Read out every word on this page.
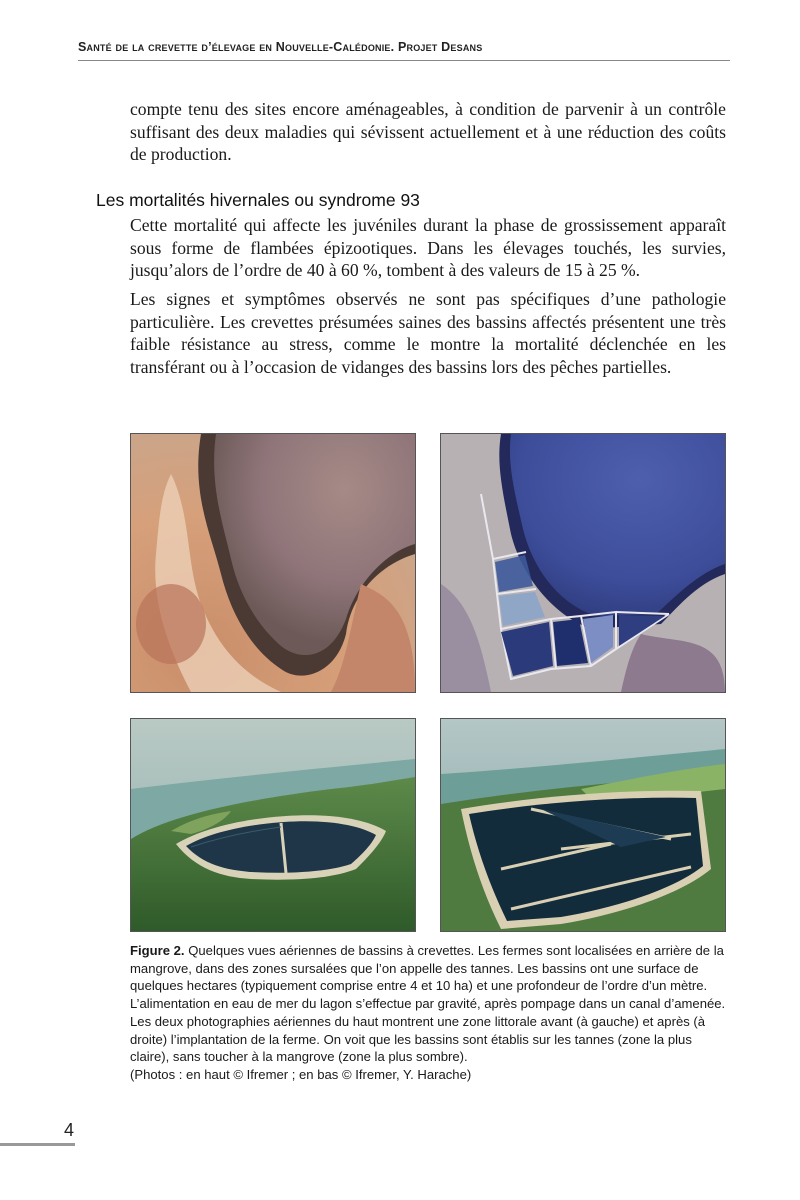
Santé de la crevette d’élevage en Nouvelle-Calédonie. Projet Desans

compte tenu des sites encore aménageables, à condition de parvenir à un contrôle suffisant des deux maladies qui sévissent actuellement et à une réduction des coûts de production.

Les mortalités hivernales ou syndrome 93

Cette mortalité qui affecte les juvéniles durant la phase de grossissement apparaît sous forme de flambées épizootiques. Dans les élevages touchés, les survies, jusqu’alors de l’ordre de 40 à 60 %, tombent à des valeurs de 15 à 25 %.

Les signes et symptômes observés ne sont pas spécifiques d’une pathologie particulière. Les crevettes présumées saines des bassins affectés présentent une très faible résistance au stress, comme le montre la mortalité déclenchée en les transférant ou à l’occasion de vidanges des bassins lors des pêches partielles.

Figure 2. Quelques vues aériennes de bassins à crevettes. Les fermes sont localisées en arrière de la mangrove, dans des zones sursalées que l’on appelle des tannes. Les bassins ont une surface de quelques hectares (typiquement comprise entre 4 et 10 ha) et une profondeur de l’ordre d’un mètre. L’alimentation en eau de mer du lagon s’effectue par gravité, après pompage dans un canal d’amenée. Les deux photographies aériennes du haut montrent une zone littorale avant (à gauche) et après (à droite) l’implantation de la ferme. On voit que les bassins sont établis sur les tannes (zone la plus claire), sans toucher à la mangrove (zone la plus sombre).
(Photos : en haut © Ifremer ; en bas © Ifremer, Y. Harache)

4
